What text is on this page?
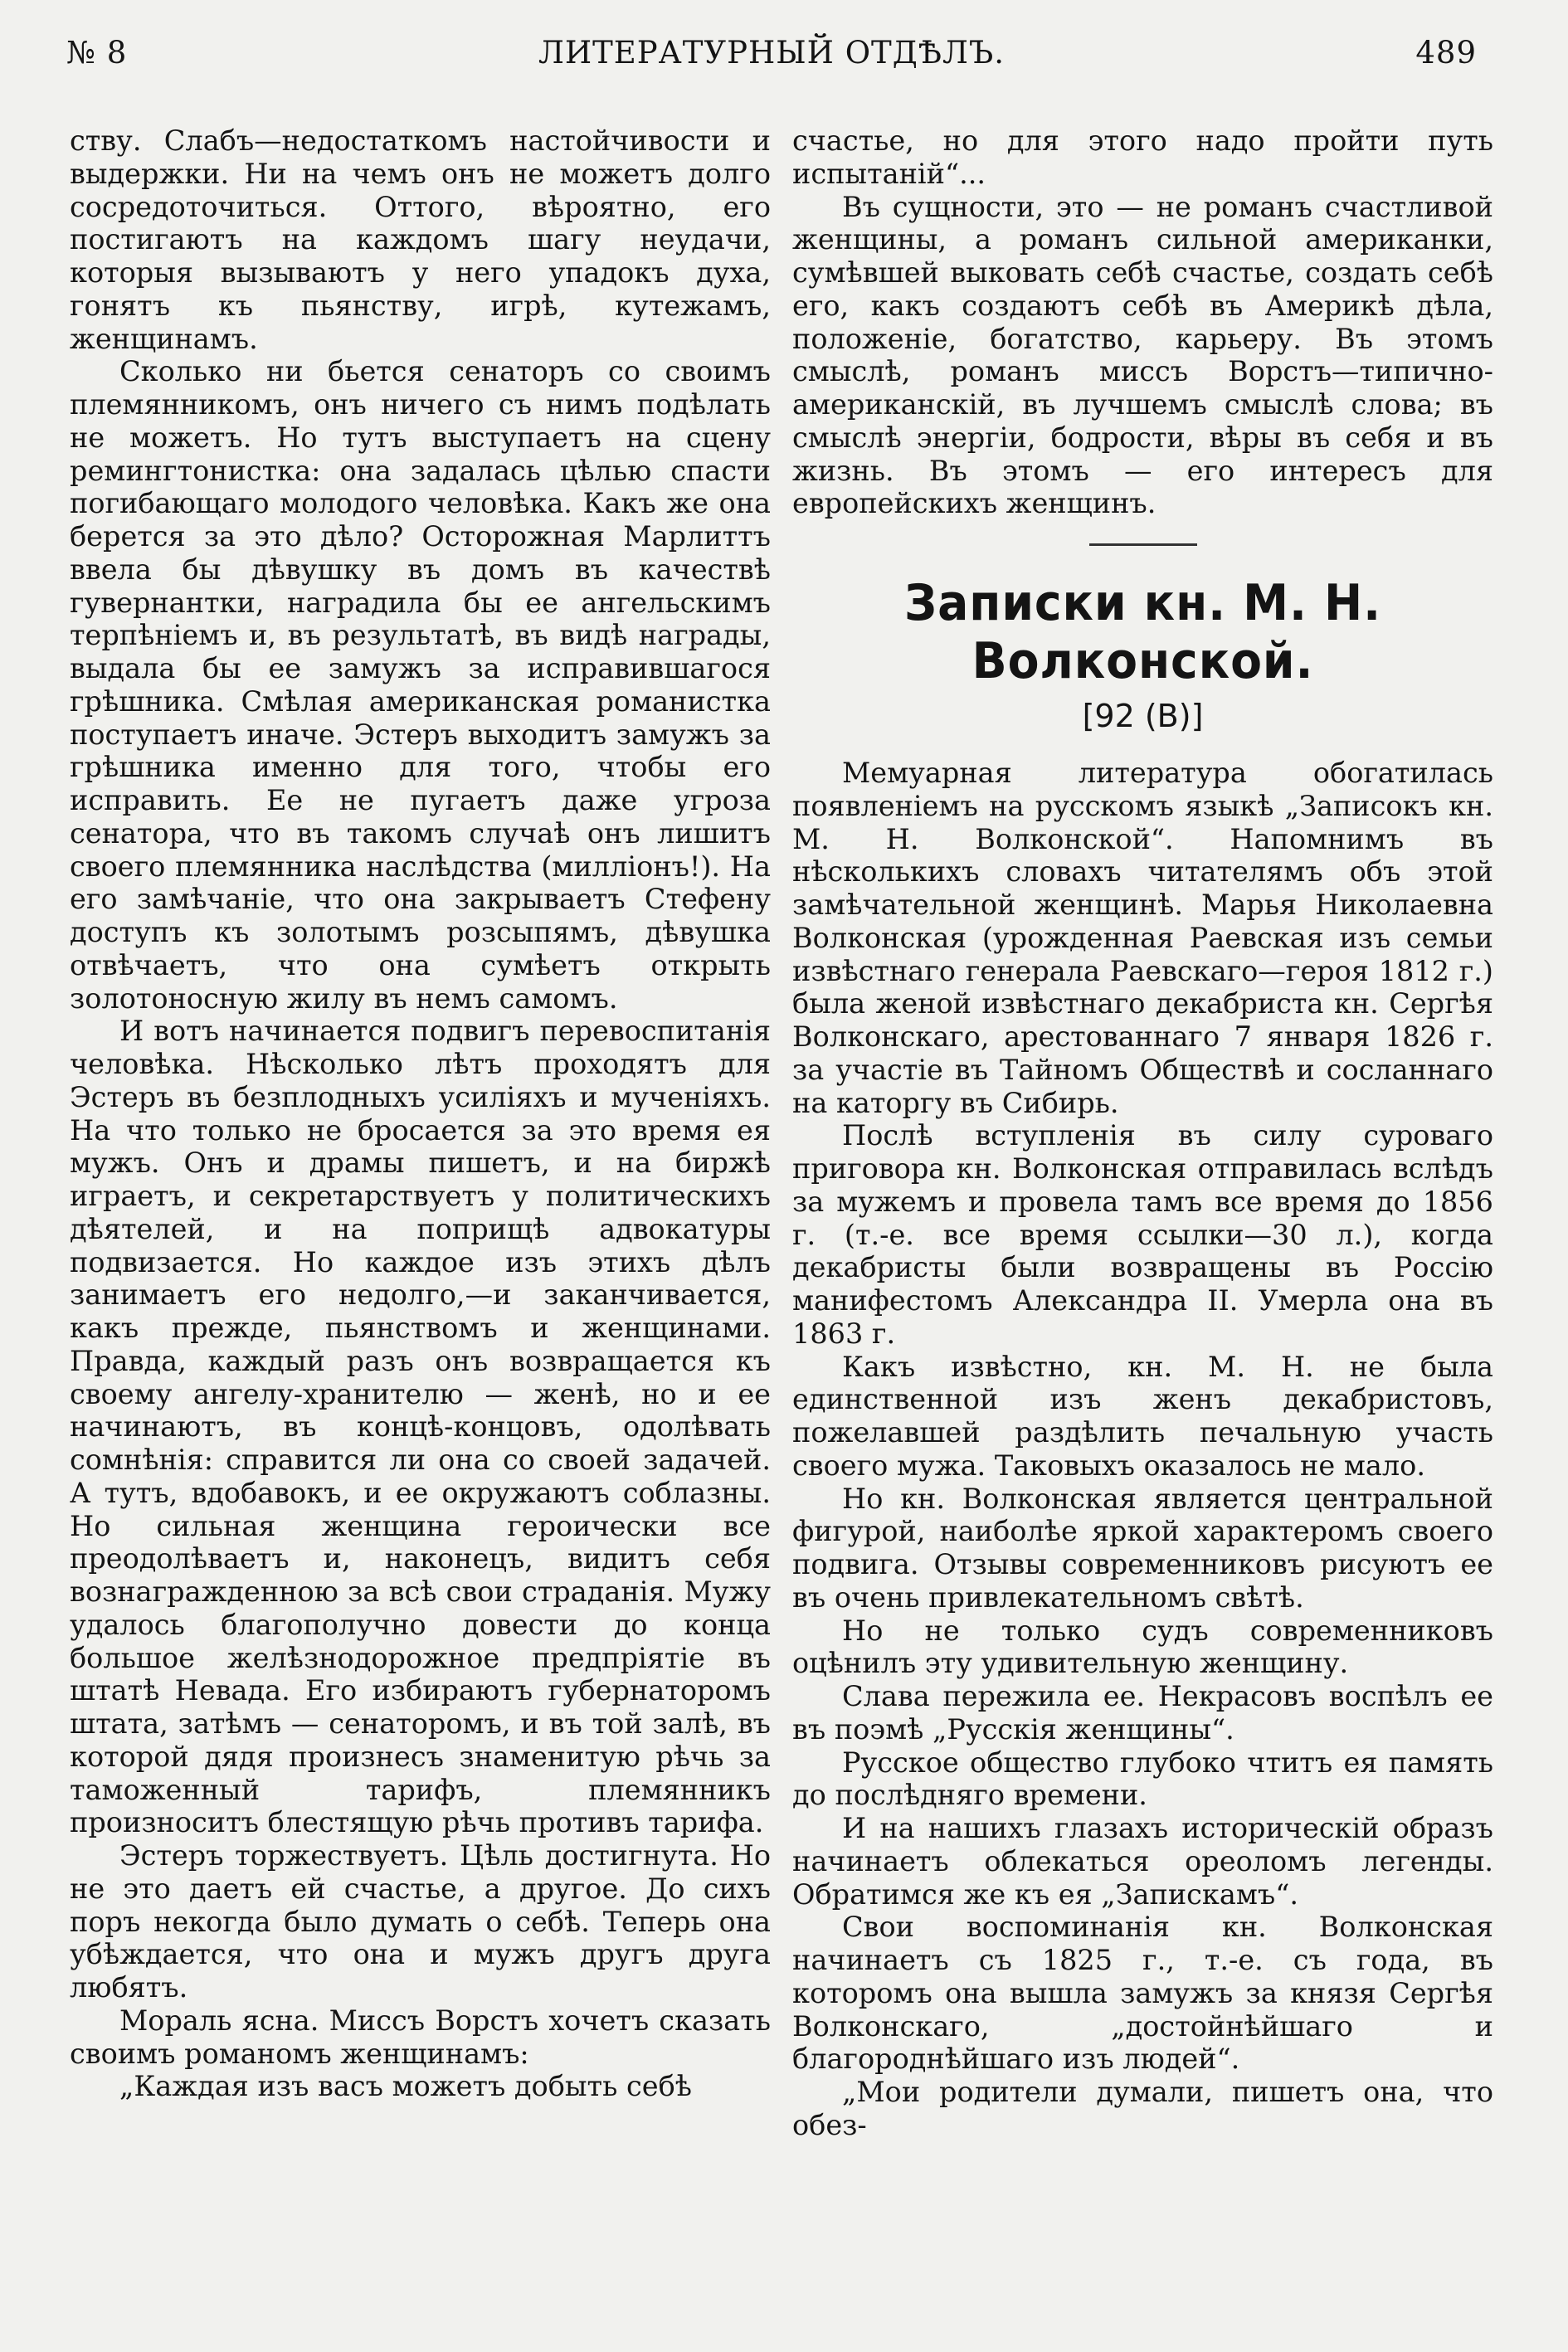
№ 8	ЛИТЕРАТУРНЫЙ ОТДѢЛЪ.	489

ству. Слабъ—недостаткомъ настойчивости и выдержки. Ни на чемъ онъ не можетъ долго сосредоточиться. Оттого, вѣроятно, его постигаютъ на каждомъ шагу неудачи, которыя вызываютъ у него упадокъ духа, гонятъ къ пьянству, игрѣ, кутежамъ, женщинамъ.

Сколько ни бьется сенаторъ со своимъ племянникомъ, онъ ничего съ нимъ подѣлать не можетъ. Но тутъ выступаетъ на сцену ремингтонистка: она задалась цѣлью спасти погибающаго молодого человѣка. Какъ же она берется за это дѣло? Осторожная Марлиттъ ввела бы дѣвушку въ домъ въ качествѣ гувернантки, наградила бы ее ангельскимъ терпѣніемъ и, въ результатѣ, въ видѣ награды, выдала бы ее замужъ за исправившагося грѣшника. Смѣлая американская романистка поступаетъ иначе. Эстеръ выходитъ замужъ за грѣшника именно для того, чтобы его исправить. Ее не пугаетъ даже угроза сенатора, что въ такомъ случаѣ онъ лишитъ своего племянника наслѣдства (милліонъ!). На его замѣчаніе, что она закрываетъ Стефену доступъ къ золотымъ розсыпямъ, дѣвушка отвѣчаетъ, что она сумѣетъ открыть золотоносную жилу въ немъ самомъ.

И вотъ начинается подвигъ перевоспитанія человѣка. Нѣсколько лѣтъ проходятъ для Эстеръ въ безплодныхъ усиліяхъ и мученіяхъ. На что только не бросается за это время ея мужъ. Онъ и драмы пишетъ, и на биржѣ играетъ, и секретарствуетъ у политическихъ дѣятелей, и на поприщѣ адвокатуры подвизается. Но каждое изъ этихъ дѣлъ занимаетъ его недолго,—и заканчивается, какъ прежде, пьянствомъ и женщинами. Правда, каждый разъ онъ возвращается къ своему ангелу-хранителю — женѣ, но и ее начинаютъ, въ концѣ-концовъ, одолѣвать сомнѣнія: справится ли она со своей задачей. А тутъ, вдобавокъ, и ее окружаютъ соблазны. Но сильная женщина героически все преодолѣваетъ и, наконецъ, видитъ себя вознагражденною за всѣ свои страданія. Мужу удалось благополучно довести до конца большое желѣзнодорожное предпріятіе въ штатѣ Невада. Его избираютъ губернаторомъ штата, затѣмъ — сенаторомъ, и въ той залѣ, въ которой дядя произнесъ знаменитую рѣчь за таможенный тарифъ, племянникъ произноситъ блестящую рѣчь противъ тарифа.

Эстеръ торжествуетъ. Цѣль достигнута. Но не это даетъ ей счастье, а другое. До сихъ поръ некогда было думать о себѣ. Теперь она убѣждается, что она и мужъ другъ друга любятъ.

Мораль ясна. Миссъ Ворстъ хочетъ сказать своимъ романомъ женщинамъ:

„Каждая изъ васъ можетъ добыть себѣ

счастье, но для этого надо пройти путь испытаній“...

Въ сущности, это — не романъ счастливой женщины, а романъ сильной американки, сумѣвшей выковать себѣ счастье, создать себѣ его, какъ создаютъ себѣ въ Америкѣ дѣла, положеніе, богатство, карьеру. Въ этомъ смыслѣ, романъ миссъ Ворстъ—типично-американскій, въ лучшемъ смыслѣ слова; въ смыслѣ энергіи, бодрости, вѣры въ себя и въ жизнь. Въ этомъ — его интересъ для европейскихъ женщинъ.

Записки кн. М. Н. Волконской.
[92 (В)]

Мемуарная литература обогатилась появленіемъ на русскомъ языкѣ „Записокъ кн. М. Н. Волконской“. Напомнимъ въ нѣсколькихъ словахъ читателямъ объ этой замѣчательной женщинѣ. Марья Николаевна Волконская (урожденная Раевская изъ семьи извѣстнаго генерала Раевскаго—героя 1812 г.) была женой извѣстнаго декабриста кн. Сергѣя Волконскаго, арестованнаго 7 января 1826 г. за участіе въ Тайномъ Обществѣ и сосланнаго на каторгу въ Сибирь.

Послѣ вступленія въ силу суроваго приговора кн. Волконская отправилась вслѣдъ за мужемъ и провела тамъ все время до 1856 г. (т.-е. все время ссылки—30 л.), когда декабристы были возвращены въ Россію манифестомъ Александра II. Умерла она въ 1863 г.

Какъ извѣстно, кн. М. Н. не была единственной изъ женъ декабристовъ, пожелавшей раздѣлить печальную участь своего мужа. Таковыхъ оказалось не мало.

Но кн. Волконская является центральной фигурой, наиболѣе яркой характеромъ своего подвига. Отзывы современниковъ рисуютъ ее въ очень привлекательномъ свѣтѣ.

Но не только судъ современниковъ оцѣнилъ эту удивительную женщину.

Слава пережила ее. Некрасовъ воспѣлъ ее въ поэмѣ „Русскія женщины“.

Русское общество глубоко чтитъ ея память до послѣдняго времени.

И на нашихъ глазахъ историческій образъ начинаетъ облекаться ореоломъ легенды. Обратимся же къ ея „Запискамъ“.

Свои воспоминанія кн. Волконская начинаетъ съ 1825 г., т.-е. съ года, въ которомъ она вышла замужъ за князя Сергѣя Волконскаго, „достойнѣйшаго и благороднѣйшаго изъ людей“.

„Мои родители думали, пишетъ она, что обез-
